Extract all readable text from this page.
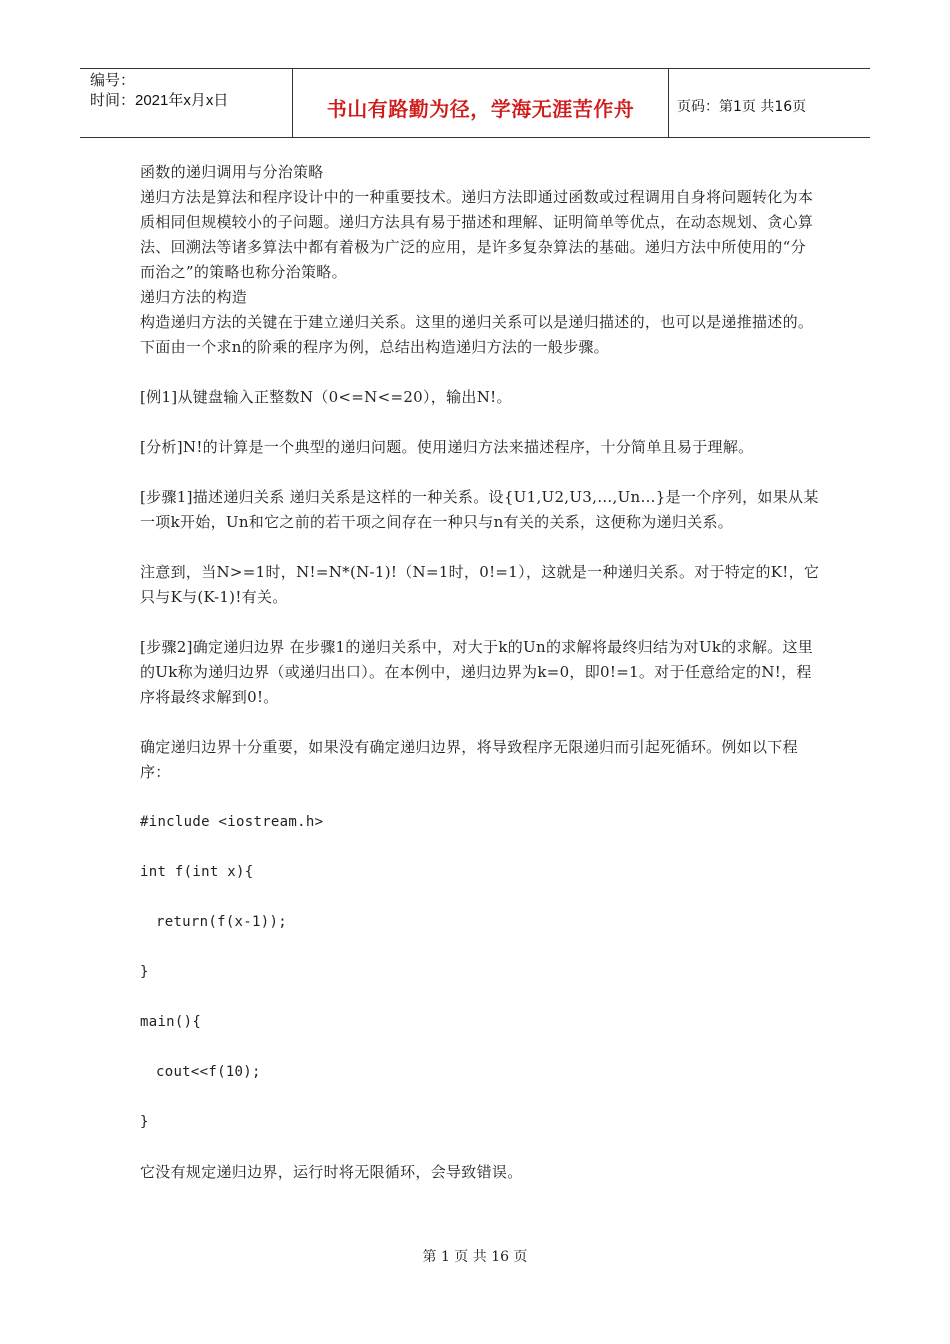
编号：
时间：2021年x月x日	书山有路勤为径，学海无涯苦作舟	页码：第1页 共16页

函数的递归调用与分治策略

递归方法是算法和程序设计中的一种重要技术。递归方法即通过函数或过程调用自身将问题转化为本质相同但规模较小的子问题。递归方法具有易于描述和理解、证明简单等优点，在动态规划、贪心算法、回溯法等诸多算法中都有着极为广泛的应用，是许多复杂算法的基础。递归方法中所使用的“分而治之”的策略也称分治策略。

递归方法的构造

构造递归方法的关键在于建立递归关系。这里的递归关系可以是递归描述的，也可以是递推描述的。下面由一个求n的阶乘的程序为例，总结出构造递归方法的一般步骤。

[例1]从键盘输入正整数N（0<=N<=20），输出N!。

[分析]N!的计算是一个典型的递归问题。使用递归方法来描述程序，十分简单且易于理解。

[步骤1]描述递归关系 递归关系是这样的一种关系。设{U1,U2,U3,…,Un…}是一个序列，如果从某一项k开始，Un和它之前的若干项之间存在一种只与n有关的关系，这便称为递归关系。

注意到，当N>=1时，N!=N*(N-1)!（N=1时，0!=1），这就是一种递归关系。对于特定的K!，它只与K与(K-1)!有关。

[步骤2]确定递归边界 在步骤1的递归关系中，对大于k的Un的求解将最终归结为对Uk的求解。这里的Uk称为递归边界（或递归出口）。在本例中，递归边界为k=0，即0!=1。对于任意给定的N!，程序将最终求解到0!。

确定递归边界十分重要，如果没有确定递归边界，将导致程序无限递归而引起死循环。例如以下程序：

#include <iostream.h>

int f(int x){

return(f(x-1));

}

main(){

cout<<f(10);

}

它没有规定递归边界，运行时将无限循环，会导致错误。

第 1 页 共 16 页
